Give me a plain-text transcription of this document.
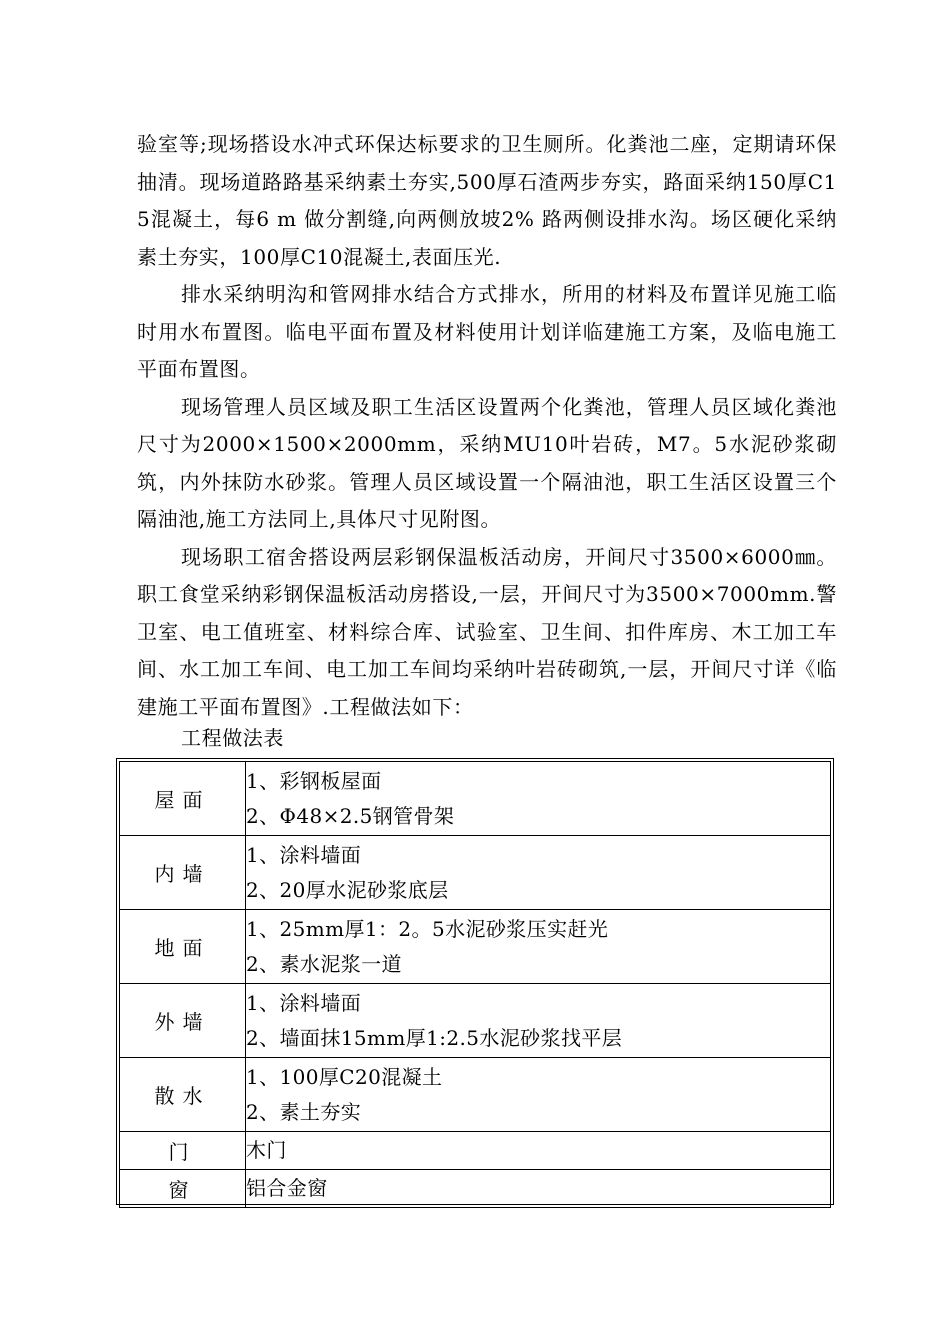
验室等;现场搭设水冲式环保达标要求的卫生厕所。化粪池二座，定期请环保抽清。现场道路路基采纳素土夯实,500厚石渣两步夯实，路面采纳150厚C15混凝土，每6 m 做分割缝,向两侧放坡2% 路两侧设排水沟。场区硬化采纳素土夯实，100厚C10混凝土,表面压光.

排水采纳明沟和管网排水结合方式排水，所用的材料及布置详见施工临时用水布置图。临电平面布置及材料使用计划详临建施工方案，及临电施工平面布置图。

现场管理人员区域及职工生活区设置两个化粪池，管理人员区域化粪池尺寸为2000×1500×2000mm，采纳MU10叶岩砖，M7。5水泥砂浆砌筑，内外抹防水砂浆。管理人员区域设置一个隔油池，职工生活区设置三个隔油池,施工方法同上,具体尺寸见附图。

现场职工宿舍搭设两层彩钢保温板活动房，开间尺寸3500×6000㎜。职工食堂采纳彩钢保温板活动房搭设,一层，开间尺寸为3500×7000mm.警卫室、电工值班室、材料综合库、试验室、卫生间、扣件库房、木工加工车间、水工加工车间、电工加工车间均采纳叶岩砖砌筑,一层，开间尺寸详《临建施工平面布置图》.工程做法如下：

工程做法表
屋面	1、彩钢板屋面
2、Φ48×2.5钢管骨架

内墙	1、涂料墙面
2、20厚水泥砂浆底层

地面	1、25mm厚1：2。5水泥砂浆压实赶光
2、素水泥浆一道

外墙	1、涂料墙面
2、墙面抹15mm厚1:2.5水泥砂浆找平层

散水	1、100厚C20混凝土
2、素土夯实

门	木门

窗	铝合金窗
